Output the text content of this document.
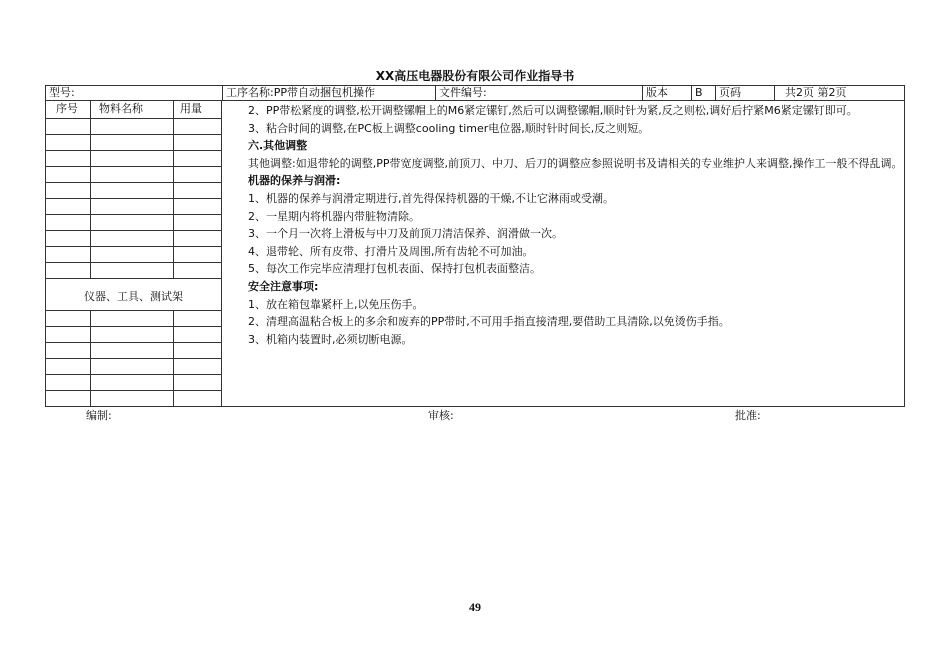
XX高压电器股份有限公司作业指导书
型号:	工序名称:PP带自动捆包机操作	文件编号:	版本	B	页码	共2页 第2页
序号 物料名称	用量
仪器、工具、测试架

2、PP带松紧度的调整,松开调整镙帽上的M6紧定镙钉,然后可以调整镙帽,顺时针为紧,反之则松,调好后拧紧M6紧定镙钉即可。

3、粘合时间的调整,在PC板上调整cooling timer电位器,顺时针时间长,反之则短。

六.其他调整

其他调整:如退带轮的调整,PP带宽度调整,前顶刀、中刀、后刀的调整应参照说明书及请相关的专业维护人来调整,操作工一般不得乱调。

机器的保养与润滑:

1、机器的保养与润滑定期进行,首先得保持机器的干燥,不让它淋雨或受潮。

2、一星期内将机器内带脏物清除。

3、一个月一次将上滑板与中刀及前顶刀清洁保养、润滑做一次。

4、退带轮、所有皮带、打滑片及周围,所有齿轮不可加油。

5、每次工作完毕应清理打包机表面、保持打包机表面整洁。

安全注意事项:

1、放在箱包靠紧杆上,以免压伤手。

2、清理高温粘合板上的多余和废弃的PP带时,不可用手指直接清理,要借助工具清除,以免烫伤手指。

3、机箱内装置时,必须切断电源。

编制:	审核:	批准:
49
